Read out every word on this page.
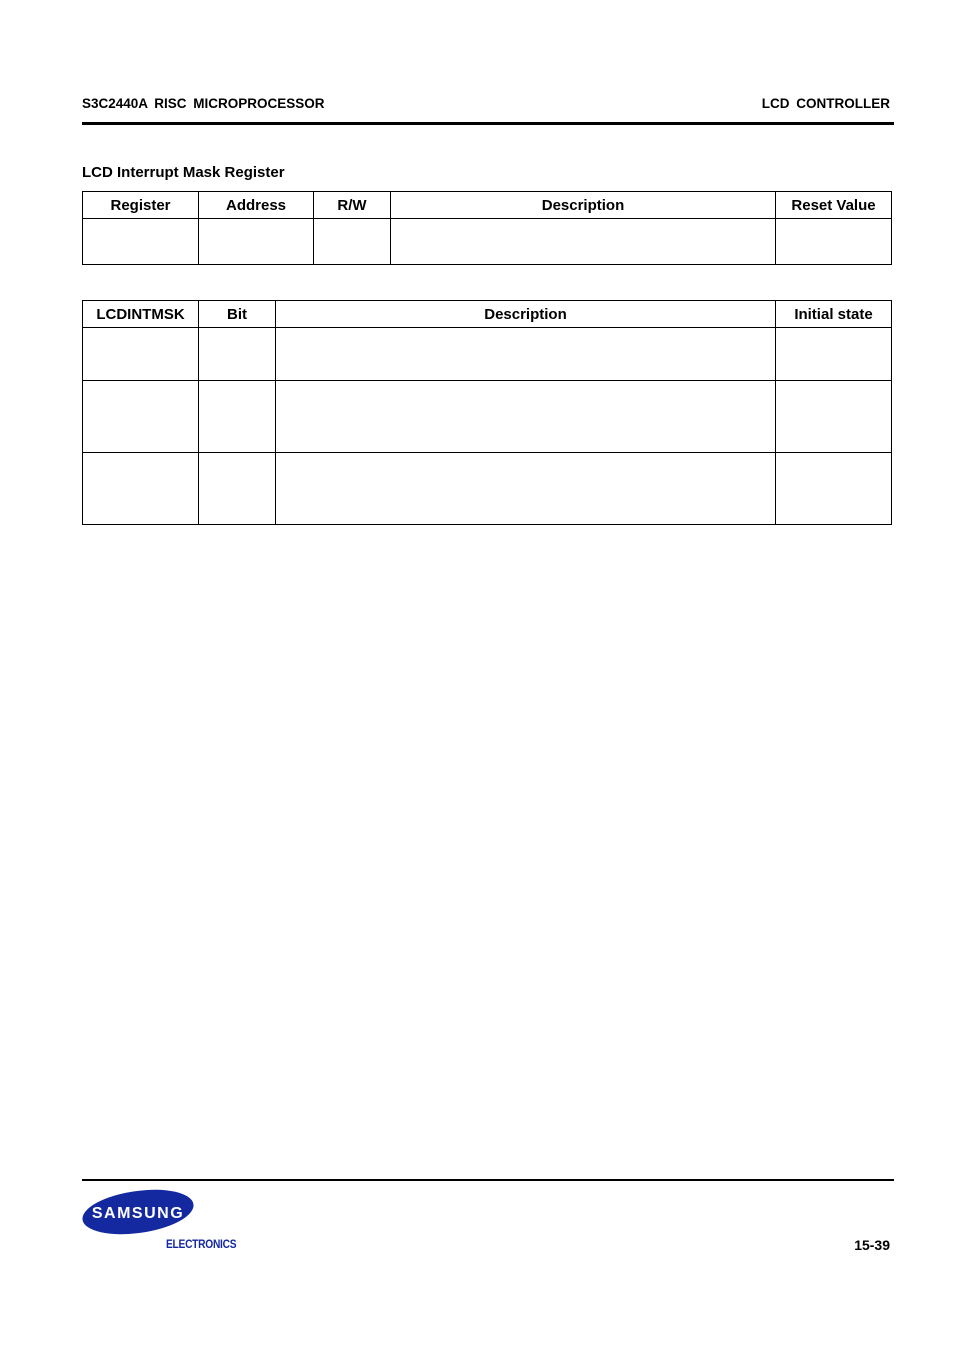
S3C2440A RISC MICROPROCESSOR	LCD CONTROLLER
LCD Interrupt Mask Register
Register	Address	R/W	Description	Reset Value

LCDINTMSK	Bit	Description	Initial state

SAMSUNG
ELECTRONICS	15-39
